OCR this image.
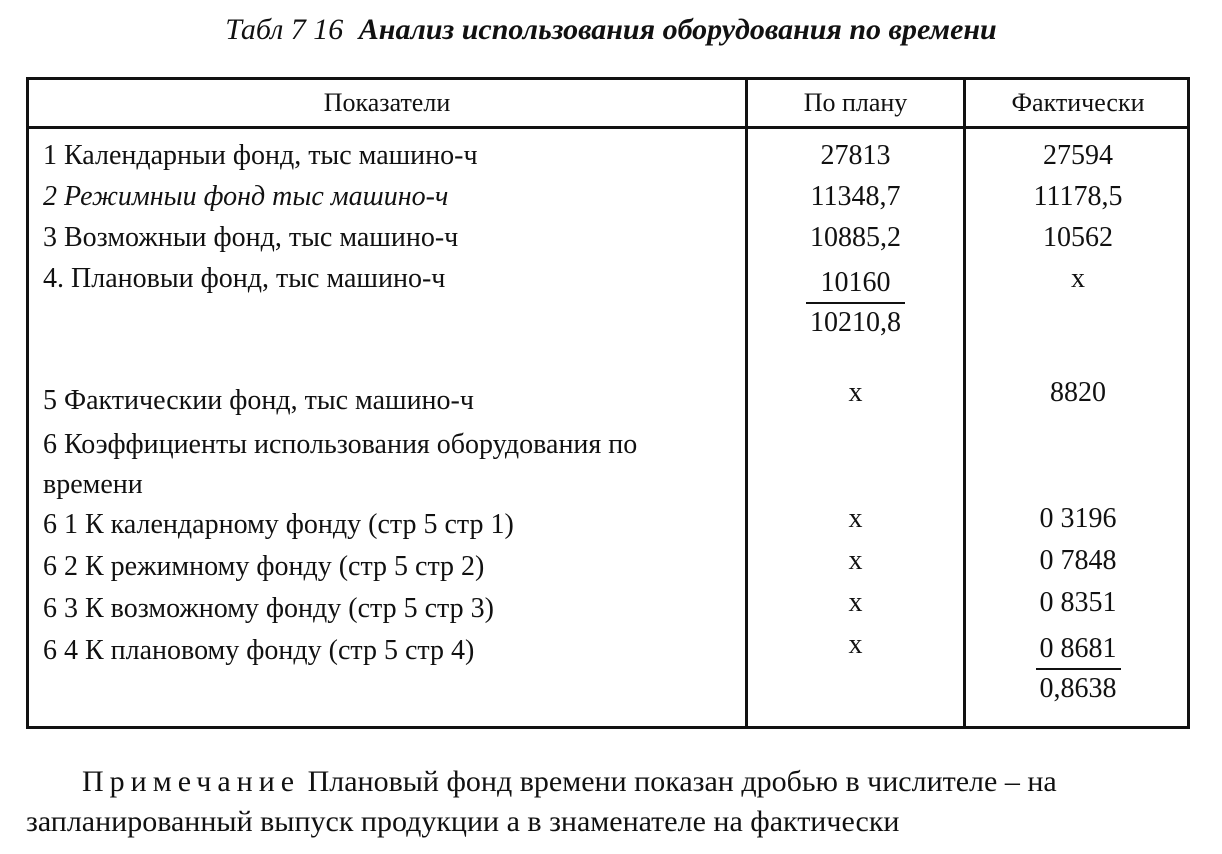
Табл 7 16 Анализ использования оборудования по времени
Показатели	По плану	Фактически
1 Календарныи фонд, тыс машино-ч	27813	27594
2 Режимныи фонд тыс машино-ч	11348,7	11178,5
3 Возможныи фонд, тыс машино-ч	10885,2	10562
4. Плановыи фонд, тыс машино-ч	$\frac{10160}{10210,8}$	x
5 Фактическии фонд, тыс машино-ч	x	8820
6 Коэффициенты использования оборудования по времени
6 1 К календарному фонду (стр 5 стр 1)	x	0 3196
6 2 К режимному фонду (стр 5 стр 2)	x	0 7848
6 3 К возможному фонду (стр 5 стр 3)	x	0 8351
6 4 К плановому фонду (стр 5 стр 4)	x	$\frac{0 8681}{0,8638}$
Примечание Плановый фонд времени показан дробью в числителе – на запланированный выпуск продукции а в знаменателе на фактически
